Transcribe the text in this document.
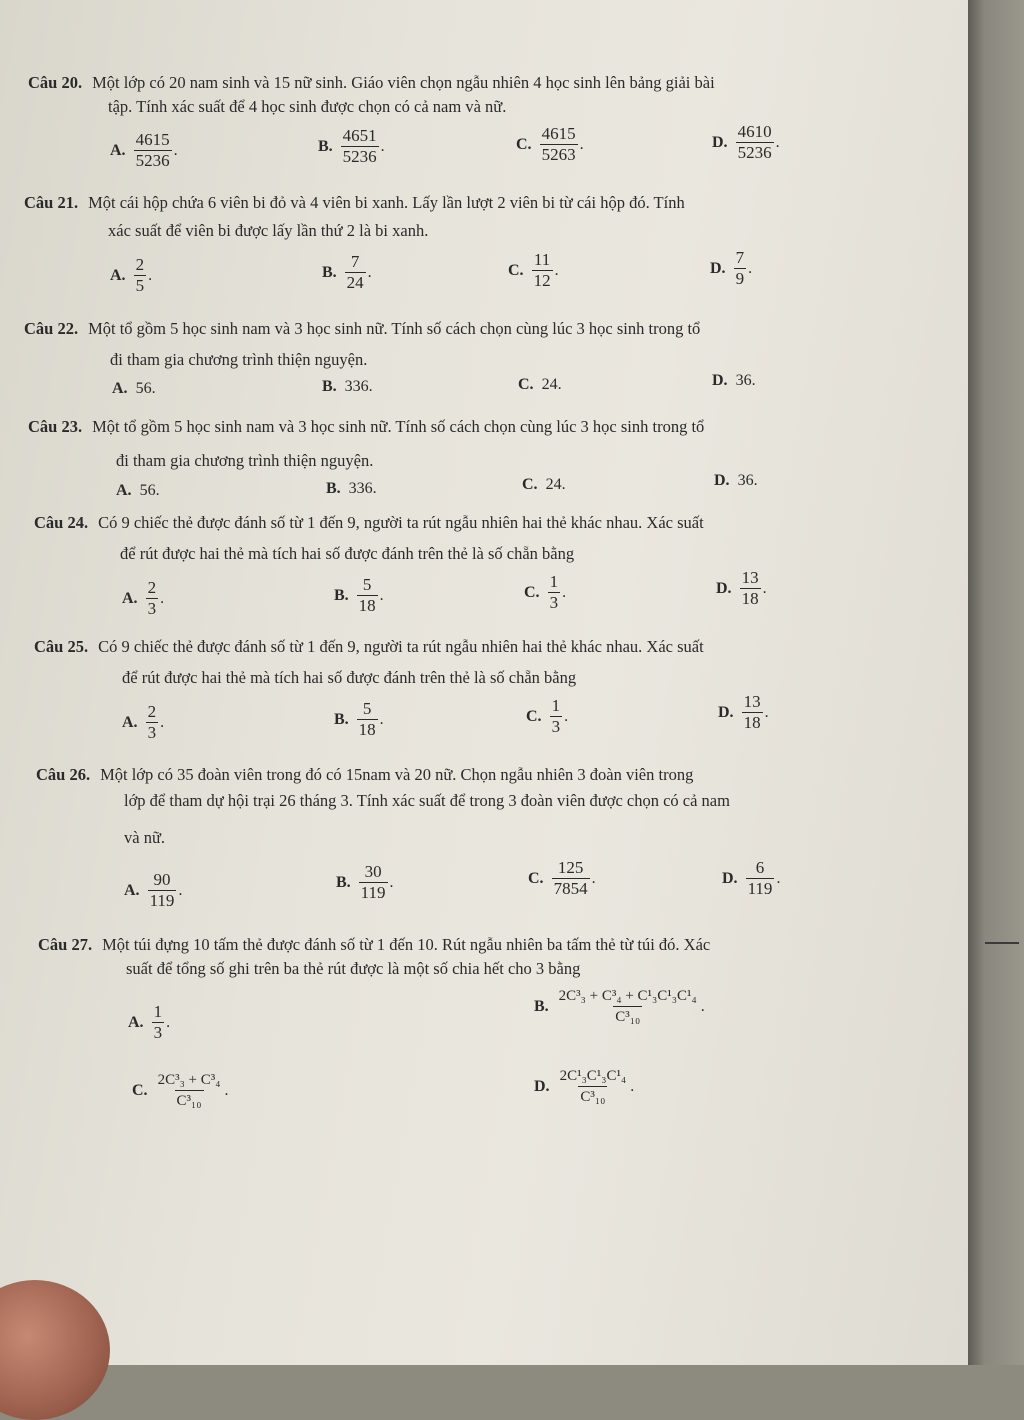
Câu 20. Một lớp có 20 nam sinh và 15 nữ sinh. Giáo viên chọn ngẫu nhiên 4 học sinh lên bảng giải bài
tập. Tính xác suất để 4 học sinh được chọn có cả nam và nữ.
A. $\frac{4615}{5236}$ .	B. $\frac{4651}{5236}$ .	C. $\frac{4615}{5263}$ .	D. $\frac{4610}{5236}$ .
Câu 21. Một cái hộp chứa 6 viên bi đỏ và 4 viên bi xanh. Lấy lần lượt 2 viên bi từ cái hộp đó. Tính
xác suất để viên bi được lấy lần thứ 2 là bi xanh.
A. $\frac{2}{5}$ .	B. $\frac{7}{24}$ .	C. $\frac{11}{12}$ .	D. $\frac{7}{9}$ .
Câu 22. Một tổ gồm 5 học sinh nam và 3 học sinh nữ. Tính số cách chọn cùng lúc 3 học sinh trong tổ
đi tham gia chương trình thiện nguyện.
A. 56.	B. 336.	C. 24.	D. 36.
Câu 23. Một tổ gồm 5 học sinh nam và 3 học sinh nữ. Tính số cách chọn cùng lúc 3 học sinh trong tổ
đi tham gia chương trình thiện nguyện.
A. 56.	B. 336.	C. 24.	D. 36.
Câu 24. Có 9 chiếc thẻ được đánh số từ 1 đến 9, người ta rút ngẫu nhiên hai thẻ khác nhau. Xác suất
để rút được hai thẻ mà tích hai số được đánh trên thẻ là số chẵn bằng
A. $\frac{2}{3}$ .	B. $\frac{5}{18}$ .	C. $\frac{1}{3}$ .	D. $\frac{13}{18}$ .
Câu 25. Có 9 chiếc thẻ được đánh số từ 1 đến 9, người ta rút ngẫu nhiên hai thẻ khác nhau. Xác suất
để rút được hai thẻ mà tích hai số được đánh trên thẻ là số chẵn bằng
A. $\frac{2}{3}$ .	B. $\frac{5}{18}$ .	C. $\frac{1}{3}$ .	D. $\frac{13}{18}$ .
Câu 26. Một lớp có 35 đoàn viên trong đó có 15nam và 20 nữ. Chọn ngẫu nhiên 3 đoàn viên trong
lớp để tham dự hội trại 26 tháng 3. Tính xác suất để trong 3 đoàn viên được chọn có cả nam
và nữ.
A. $\frac{90}{119}$ .	B. $\frac{30}{119}$ .	C. $\frac{125}{7854}$ .	D. $\frac{6}{119}$ .
Câu 27. Một túi đựng 10 tấm thẻ được đánh số từ 1 đến 10. Rút ngẫu nhiên ba tấm thẻ từ túi đó. Xác
suất để tổng số ghi trên ba thẻ rút được là một số chia hết cho 3 bằng
A. $\frac{1}{3}$ .
B. $\frac{\text{2C³₃ + C³₄ + C¹₃C¹₃C¹₄}}{\text{C³₁₀}}$ .
C. $\frac{\text{2C³₃ + C³₄}}{\text{C³₁₀}}$ .	D. $\frac{\text{2C¹₃C¹₃C¹₄}}{\text{C³₁₀}}$ .
